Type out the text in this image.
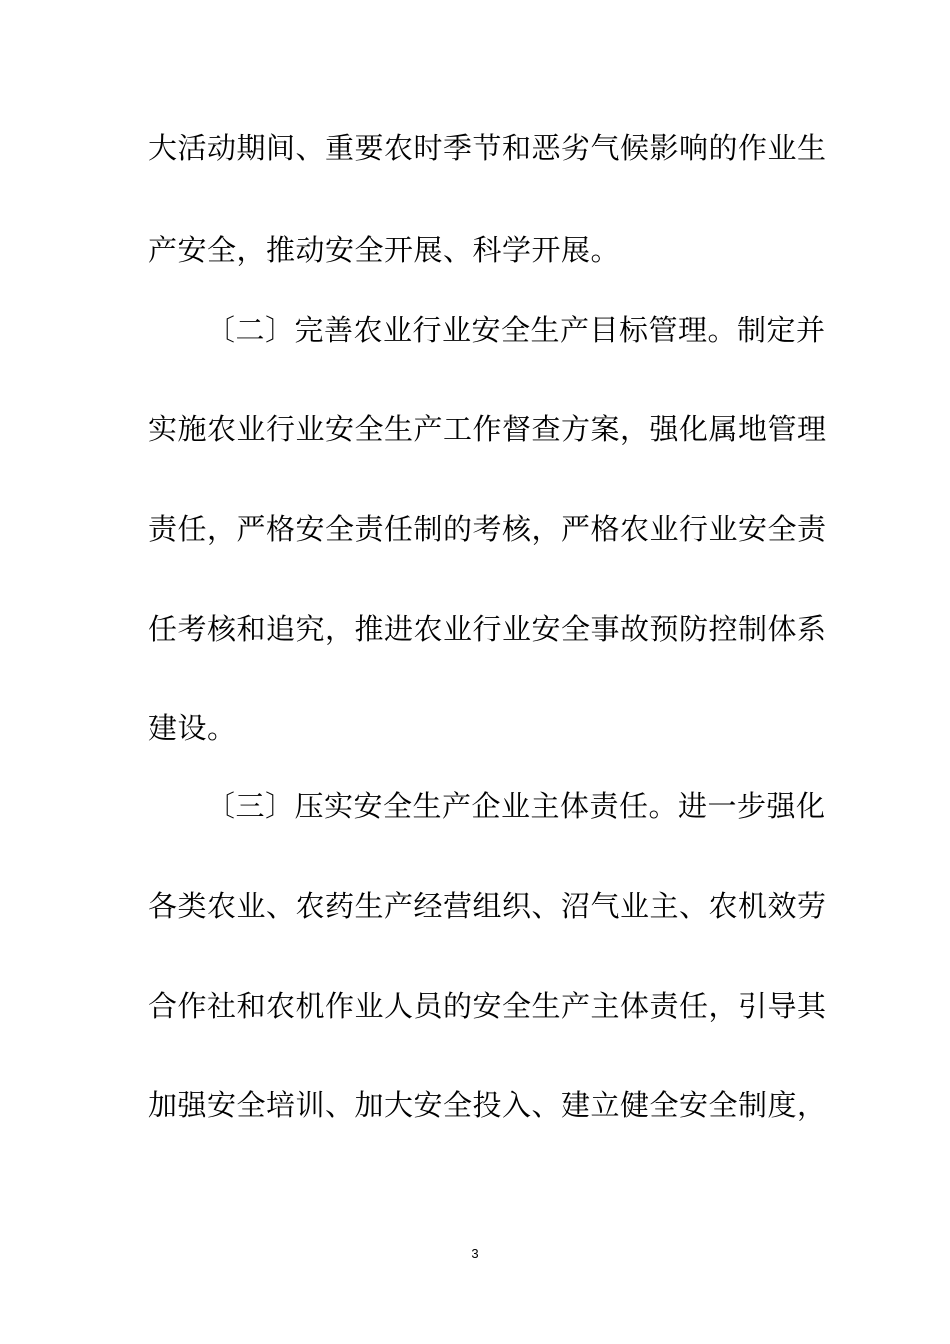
大活动期间、重要农时季节和恶劣气候影响的作业生
产安全，推动安全开展、科学开展。
〔二〕完善农业行业安全生产目标管理。制定并
实施农业行业安全生产工作督查方案，强化属地管理
责任，严格安全责任制的考核，严格农业行业安全责
任考核和追究，推进农业行业安全事故预防控制体系
建设。
〔三〕压实安全生产企业主体责任。进一步强化
各类农业、农药生产经营组织、沼气业主、农机效劳
合作社和农机作业人员的安全生产主体责任，引导其
加强安全培训、加大安全投入、建立健全安全制度，
3
